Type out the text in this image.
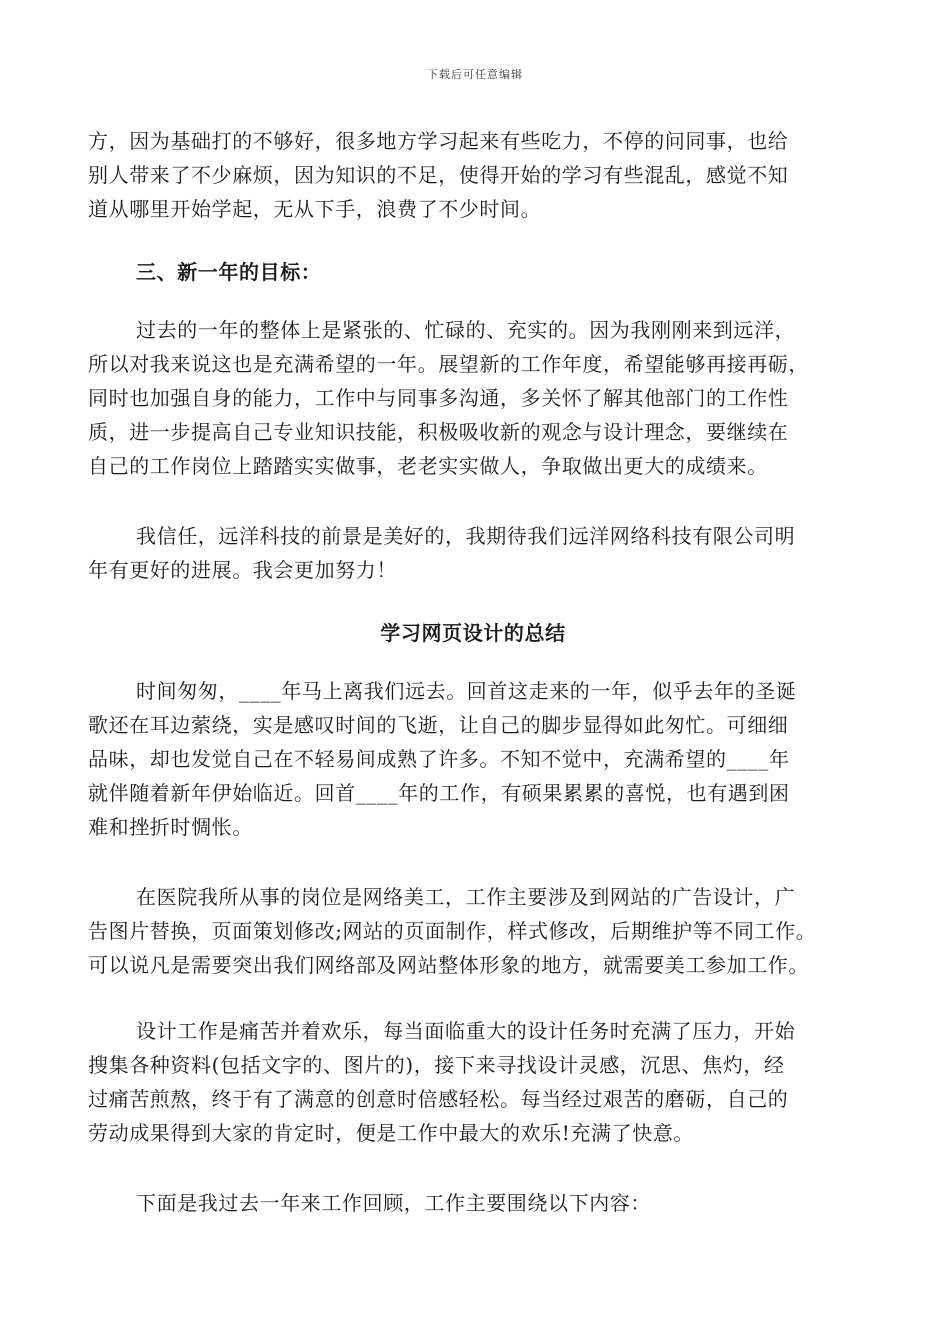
下载后可任意编辑
方，因为基础打的不够好，很多地方学习起来有些吃力，不停的问同事，也给
别人带来了不少麻烦，因为知识的不足，使得开始的学习有些混乱，感觉不知
道从哪里开始学起，无从下手，浪费了不少时间。
三、新一年的目标：
过去的一年的整体上是紧张的、忙碌的、充实的。因为我刚刚来到远洋，
所以对我来说这也是充满希望的一年。展望新的工作年度，希望能够再接再砺，
同时也加强自身的能力，工作中与同事多沟通，多关怀了解其他部门的工作性
质，进一步提高自己专业知识技能，积极吸收新的观念与设计理念，要继续在
自己的工作岗位上踏踏实实做事，老老实实做人，争取做出更大的成绩来。
我信任，远洋科技的前景是美好的，我期待我们远洋网络科技有限公司明
年有更好的进展。我会更加努力！
学习网页设计的总结
时间匆匆，____年马上离我们远去。回首这走来的一年，似乎去年的圣诞
歌还在耳边萦绕，实是感叹时间的飞逝，让自己的脚步显得如此匆忙。可细细
品味，却也发觉自己在不轻易间成熟了许多。不知不觉中，充满希望的____年
就伴随着新年伊始临近。回首____年的工作，有硕果累累的喜悦，也有遇到困
难和挫折时惆怅。
在医院我所从事的岗位是网络美工，工作主要涉及到网站的广告设计，广
告图片替换，页面策划修改;网站的页面制作，样式修改，后期维护等不同工作。
可以说凡是需要突出我们网络部及网站整体形象的地方，就需要美工参加工作。
设计工作是痛苦并着欢乐，每当面临重大的设计任务时充满了压力，开始
搜集各种资料(包括文字的、图片的)，接下来寻找设计灵感，沉思、焦灼，经
过痛苦煎熬，终于有了满意的创意时倍感轻松。每当经过艰苦的磨砺，自己的
劳动成果得到大家的肯定时，便是工作中最大的欢乐!充满了快意。
下面是我过去一年来工作回顾，工作主要围绕以下内容：
